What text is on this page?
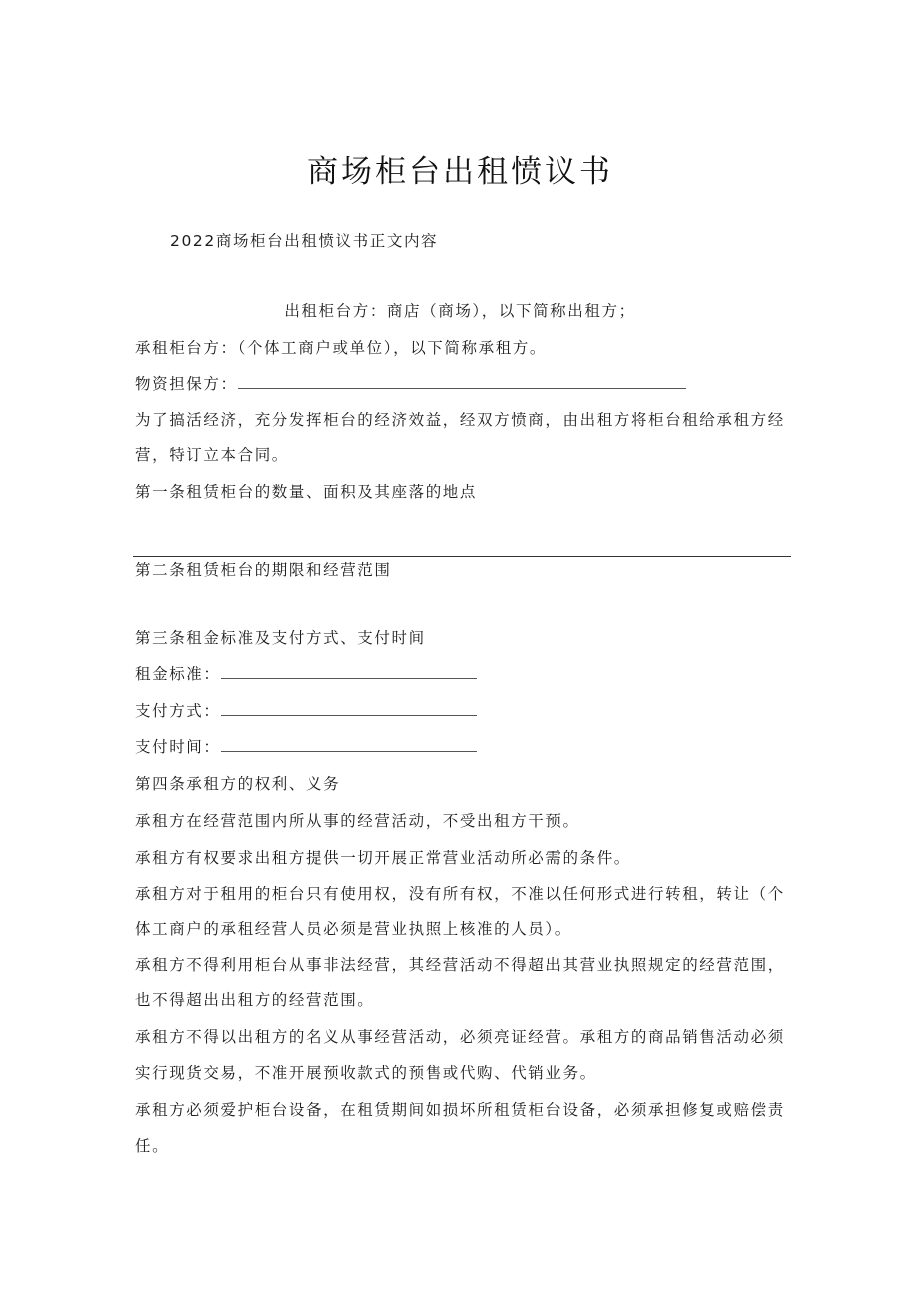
商场柜台出租愤议书
2022商场柜台出租愤议书正文内容
出租柜台方：商店（商场），以下简称出租方；
承租柜台方：（个体工商户或单位），以下简称承租方。
物资担保方：
为了搞活经济，充分发挥柜台的经济效益，经双方愤商，由出租方将柜台租给承租方经
营，特订立本合同。
第一条租赁柜台的数量、面积及其座落的地点
第二条租赁柜台的期限和经营范围
第三条租金标准及支付方式、支付时间
租金标准：
支付方式：
支付时间：
第四条承租方的权利、义务
承租方在经营范围内所从事的经营活动，不受出租方干预。
承租方有权要求出租方提供一切开展正常营业活动所必需的条件。
承租方对于租用的柜台只有使用权，没有所有权，不准以任何形式进行转租，转让（个
体工商户的承租经营人员必须是营业执照上核准的人员）。
承租方不得利用柜台从事非法经营，其经营活动不得超出其营业执照规定的经营范围，
也不得超出出租方的经营范围。
承租方不得以出租方的名义从事经营活动，必须亮证经营。承租方的商品销售活动必须
实行现货交易，不准开展预收款式的预售或代购、代销业务。
承租方必须爱护柜台设备，在租赁期间如损坏所租赁柜台设备，必须承担修复或赔偿责
任。
